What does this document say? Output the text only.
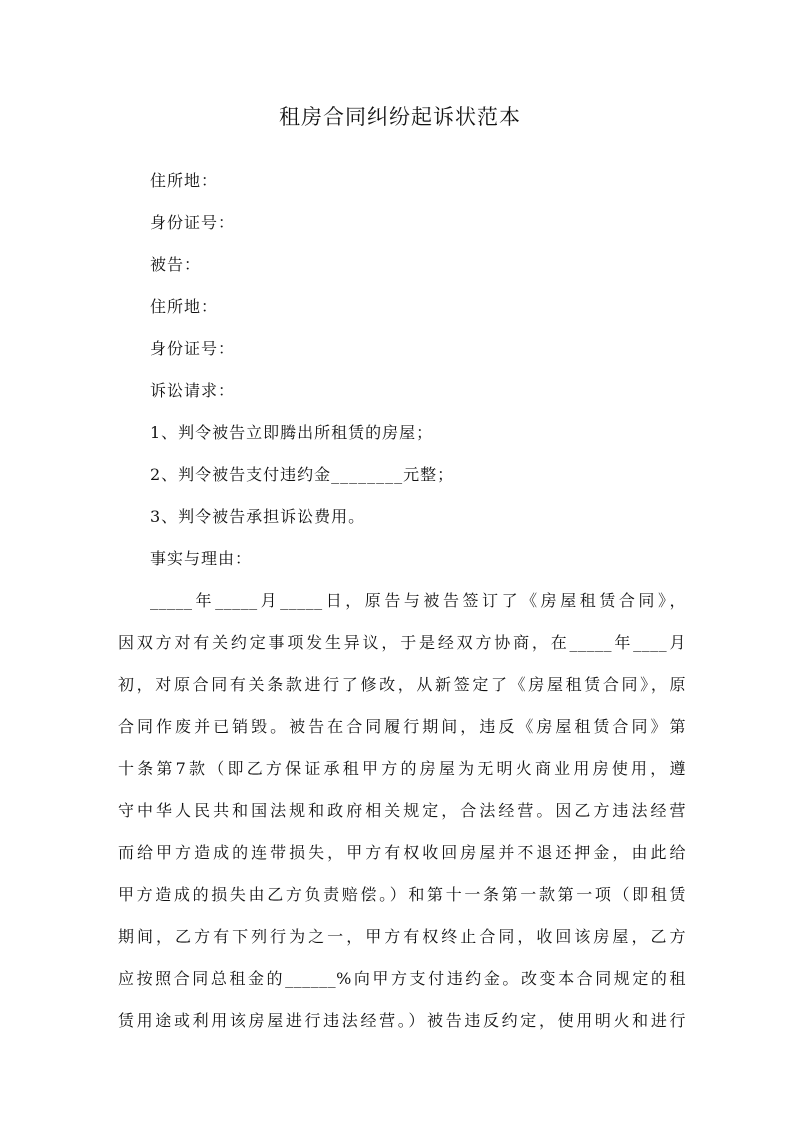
租房合同纠纷起诉状范本
住所地：
身份证号：
被告：
住所地：
身份证号：
诉讼请求：
1、判令被告立即腾出所租赁的房屋；
2、判令被告支付违约金________元整；
3、判令被告承担诉讼费用。
事实与理由：
_____年_____月_____日，原告与被告签订了《房屋租赁合同》，
因双方对有关约定事项发生异议，于是经双方协商，在_____年____月
初，对原合同有关条款进行了修改，从新签定了《房屋租赁合同》，原
合同作废并已销毁。被告在合同履行期间，违反《房屋租赁合同》第
十条第7款（即乙方保证承租甲方的房屋为无明火商业用房使用，遵
守中华人民共和国法规和政府相关规定，合法经营。因乙方违法经营
而给甲方造成的连带损失，甲方有权收回房屋并不退还押金，由此给
甲方造成的损失由乙方负责赔偿。）和第十一条第一款第一项（即租赁
期间，乙方有下列行为之一，甲方有权终止合同，收回该房屋，乙方
应按照合同总租金的______%向甲方支付违约金。改变本合同规定的租
赁用途或利用该房屋进行违法经营。）被告违反约定，使用明火和进行
